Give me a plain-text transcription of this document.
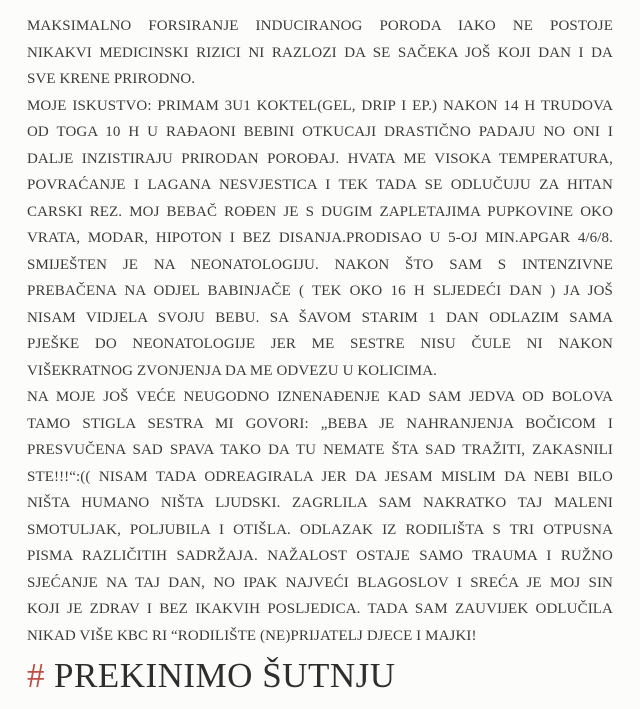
MAKSIMALNO FORSIRANJE INDUCIRANOG PORODA IAKO NE POSTOJE
NIKAKVI MEDICINSKI RIZICI NI RAZLOZI DA SE SAČEKA JOŠ KOJI DAN I DA
SVE KRENE PRIRODNO.
MOJE ISKUSTVO: PRIMAM 3U1 KOKTEL(GEL, DRIP I EP.) NAKON 14 H TRUDOVA
OD TOGA 10 H U RAĐAONI BEBINI OTKUCAJI DRASTIČNO PADAJU NO ONI I
DALJE INZISTIRAJU PRIRODAN POROĐAJ. HVATA ME VISOKA TEMPERATURA,
POVRAĆANJE I LAGANA NESVJESTICA I TEK TADA SE ODLUČUJU ZA HITAN
CARSKI REZ. MOJ BEBAČ ROĐEN JE S DUGIM ZAPLETAJIMA PUPKOVINE OKO
VRATA, MODAR, HIPOTON I BEZ DISANJA.PRODISAO U 5-OJ MIN.APGAR 4/6/8.
SMIJEŠTEN JE NA NEONATOLOGIJU. NAKON ŠTO SAM S INTENZIVNE
PREBAČENA NA ODJEL BABINJAČE ( TEK OKO 16 H SLJEDEĆI DAN ) JA JOŠ
NISAM VIDJELA SVOJU BEBU. SA ŠAVOM STARIM 1 DAN ODLAZIM SAMA
PJEŠKE DO NEONATOLOGIJE JER ME SESTRE NISU ČULE NI NAKON
VIŠEKRATNOG ZVONJENJA DA ME ODVEZU U KOLICIMA.
NA MOJE JOŠ VEĆE NEUGODNO IZNENAĐENJE KAD SAM JEDVA OD BOLOVA
TAMO STIGLA SESTRA MI GOVORI: „BEBA JE NAHRANJENJA BOČICOM I
PRESVUČENA SAD SPAVA TAKO DA TU NEMATE ŠTA SAD TRAŽITI, ZAKASNILI
STE!!!“:(( NISAM TADA ODREAGIRALA JER DA JESAM MISLIM DA NEBI BILO
NIŠTA HUMANO NIŠTA LJUDSKI. ZAGRLILA SAM NAKRATKO TAJ MALENI
SMOTULJAK, POLJUBILA I OTIŠLA. ODLAZAK IZ RODILIŠTA S TRI OTPUSNA
PISMA RAZLIČITIH SADRŽAJA. NAŽALOST OSTAJE SAMO TRAUMA I RUŽNO
SJEĆANJE NA TAJ DAN, NO IPAK NAJVEĆI BLAGOSLOV I SREĆA JE MOJ SIN
KOJI JE ZDRAV I BEZ IKAKVIH POSLJEDICA. TADA SAM ZAUVIJEK ODLUČILA
NIKAD VIŠE KBC RI “RODILIŠTE (NE)PRIJATELJ DJECE I MAJKI!
# PREKINIMO ŠUTNJU
